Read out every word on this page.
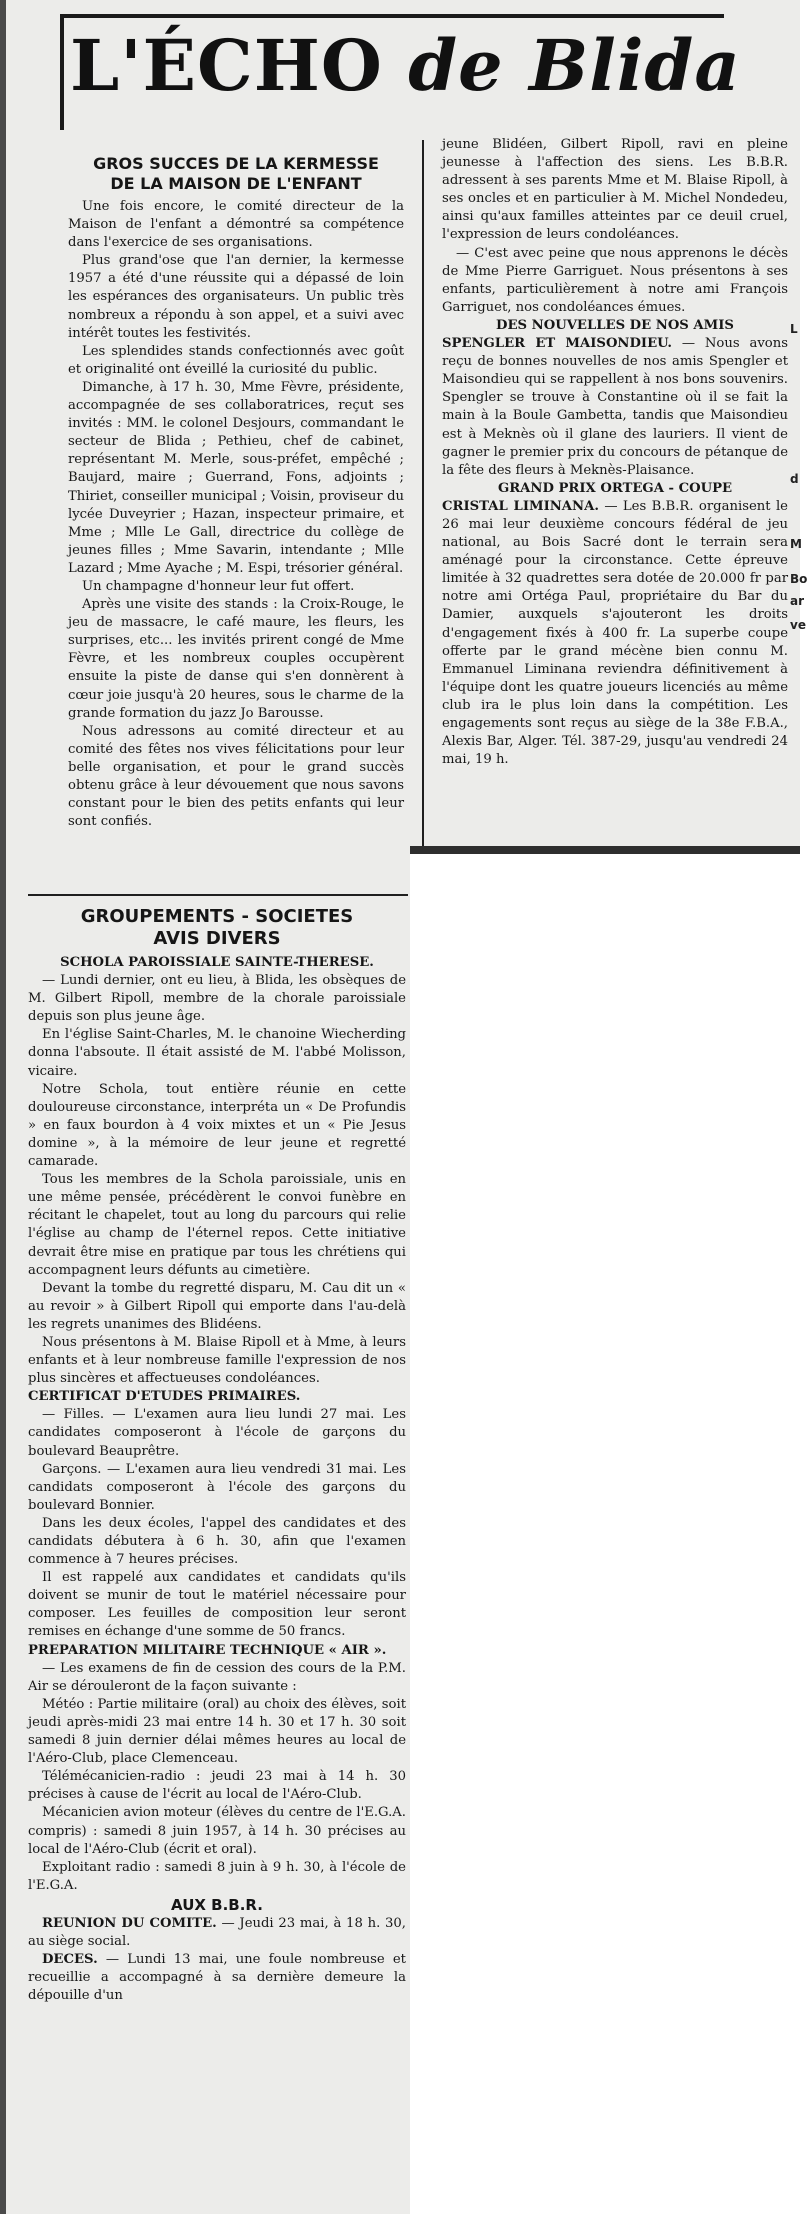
L'ÉCHO de Blida

GROS SUCCES DE LA KERMESSE

DE LA MAISON DE L'ENFANT

Une fois encore, le comité directeur de la Maison de l'enfant a démontré sa compétence dans l'exercice de ses organisations.

Plus grand'ose que l'an dernier, la kermesse 1957 a été d'une réussite qui a dépassé de loin les espérances des organisateurs. Un public très nombreux a répondu à son appel, et a suivi avec intérêt toutes les festivités.

Les splendides stands confectionnés avec goût et originalité ont éveillé la curiosité du public.

Dimanche, à 17 h. 30, Mme Fèvre, présidente, accompagnée de ses collaboratrices, reçut ses invités : MM. le colonel Desjours, commandant le secteur de Blida ; Pethieu, chef de cabinet, représentant M. Merle, sous-préfet, empêché ; Baujard, maire ; Guerrand, Fons, adjoints ; Thiriet, conseiller municipal ; Voisin, proviseur du lycée Duveyrier ; Hazan, inspecteur primaire, et Mme ; Mlle Le Gall, directrice du collège de jeunes filles ; Mme Savarin, intendante ; Mlle Lazard ; Mme Ayache ; M. Espi, trésorier général.

Un champagne d'honneur leur fut offert.

Après une visite des stands : la Croix-Rouge, le jeu de massacre, le café maure, les fleurs, les surprises, etc... les invités prirent congé de Mme Fèvre, et les nombreux couples occupèrent ensuite la piste de danse qui s'en donnèrent à cœur joie jusqu'à 20 heures, sous le charme de la grande formation du jazz Jo Barousse.

Nous adressons au comité directeur et au comité des fêtes nos vives félicitations pour leur belle organisation, et pour le grand succès obtenu grâce à leur dévouement que nous savons constant pour le bien des petits enfants qui leur sont confiés.

jeune Blidéen, Gilbert Ripoll, ravi en pleine jeunesse à l'affection des siens. Les B.B.R. adressent à ses parents Mme et M. Blaise Ripoll, à ses oncles et en particulier à M. Michel Nondedeu, ainsi qu'aux familles atteintes par ce deuil cruel, l'expression de leurs condoléances.

— C'est avec peine que nous apprenons le décès de Mme Pierre Garriguet. Nous présentons à ses enfants, particulièrement à notre ami François Garriguet, nos condoléances émues.

DES NOUVELLES DE NOS AMIS

SPENGLER ET MAISONDIEU. — Nous avons reçu de bonnes nouvelles de nos amis Spengler et Maisondieu qui se rappellent à nos bons souvenirs. Spengler se trouve à Constantine où il se fait la main à la Boule Gambetta, tandis que Maisondieu est à Meknès où il glane des lauriers. Il vient de gagner le premier prix du concours de pétanque de la fête des fleurs à Meknès-Plaisance.

GRAND PRIX ORTEGA - COUPE

CRISTAL LIMINANA. — Les B.B.R. organisent le 26 mai leur deuxième concours fédéral de jeu national, au Bois Sacré dont le terrain sera aménagé pour la circonstance. Cette épreuve limitée à 32 quadrettes sera dotée de 20.000 fr par notre ami Ortéga Paul, propriétaire du Bar du Damier, auxquels s'ajouteront les droits d'engagement fixés à 400 fr. La superbe coupe offerte par le grand mécène bien connu M. Emmanuel Liminana reviendra définitivement à l'équipe dont les quatre joueurs licenciés au même club ira le plus loin dans la compétition. Les engagements sont reçus au siège de la 38e F.B.A., Alexis Bar, Alger. Tél. 387-29, jusqu'au vendredi 24 mai, 19 h.

L
d
M
Bo
ar
ve

GROUPEMENTS - SOCIETES

AVIS DIVERS

SCHOLA PAROISSIALE SAINTE-THERESE.

— Lundi dernier, ont eu lieu, à Blida, les obsèques de M. Gilbert Ripoll, membre de la chorale paroissiale depuis son plus jeune âge.

En l'église Saint-Charles, M. le chanoine Wiecherding donna l'absoute. Il était assisté de M. l'abbé Molisson, vicaire.

Notre Schola, tout entière réunie en cette douloureuse circonstance, interpréta un « De Profundis » en faux bourdon à 4 voix mixtes et un « Pie Jesus domine », à la mémoire de leur jeune et regretté camarade.

Tous les membres de la Schola paroissiale, unis en une même pensée, précédèrent le convoi funèbre en récitant le chapelet, tout au long du parcours qui relie l'église au champ de l'éternel repos. Cette initiative devrait être mise en pratique par tous les chrétiens qui accompagnent leurs défunts au cimetière.

Devant la tombe du regretté disparu, M. Cau dit un « au revoir » à Gilbert Ripoll qui emporte dans l'au-delà les regrets unanimes des Blidéens.

Nous présentons à M. Blaise Ripoll et à Mme, à leurs enfants et à leur nombreuse famille l'expression de nos plus sincères et affectueuses condoléances.

CERTIFICAT D'ETUDES PRIMAIRES.

— Filles. — L'examen aura lieu lundi 27 mai. Les candidates composeront à l'école de garçons du boulevard Beauprêtre.

Garçons. — L'examen aura lieu vendredi 31 mai. Les candidats composeront à l'école des garçons du boulevard Bonnier.

Dans les deux écoles, l'appel des candidates et des candidats débutera à 6 h. 30, afin que l'examen commence à 7 heures précises.

Il est rappelé aux candidates et candidats qu'ils doivent se munir de tout le matériel nécessaire pour composer. Les feuilles de composition leur seront remises en échange d'une somme de 50 francs.

PREPARATION MILITAIRE TECHNIQUE « AIR ».

— Les examens de fin de cession des cours de la P.M. Air se dérouleront de la façon suivante :

Météo : Partie militaire (oral) au choix des élèves, soit jeudi après-midi 23 mai entre 14 h. 30 et 17 h. 30 soit samedi 8 juin dernier délai mêmes heures au local de l'Aéro-Club, place Clemenceau.

Télémécanicien-radio : jeudi 23 mai à 14 h. 30 précises à cause de l'écrit au local de l'Aéro-Club.

Mécanicien avion moteur (élèves du centre de l'E.G.A. compris) : samedi 8 juin 1957, à 14 h. 30 précises au local de l'Aéro-Club (écrit et oral).

Exploitant radio : samedi 8 juin à 9 h. 30, à l'école de l'E.G.A.

AUX B.B.R.

REUNION DU COMITE. — Jeudi 23 mai, à 18 h. 30, au siège social.

DECES. — Lundi 13 mai, une foule nombreuse et recueillie a accompagné à sa dernière demeure la dépouille d'un
